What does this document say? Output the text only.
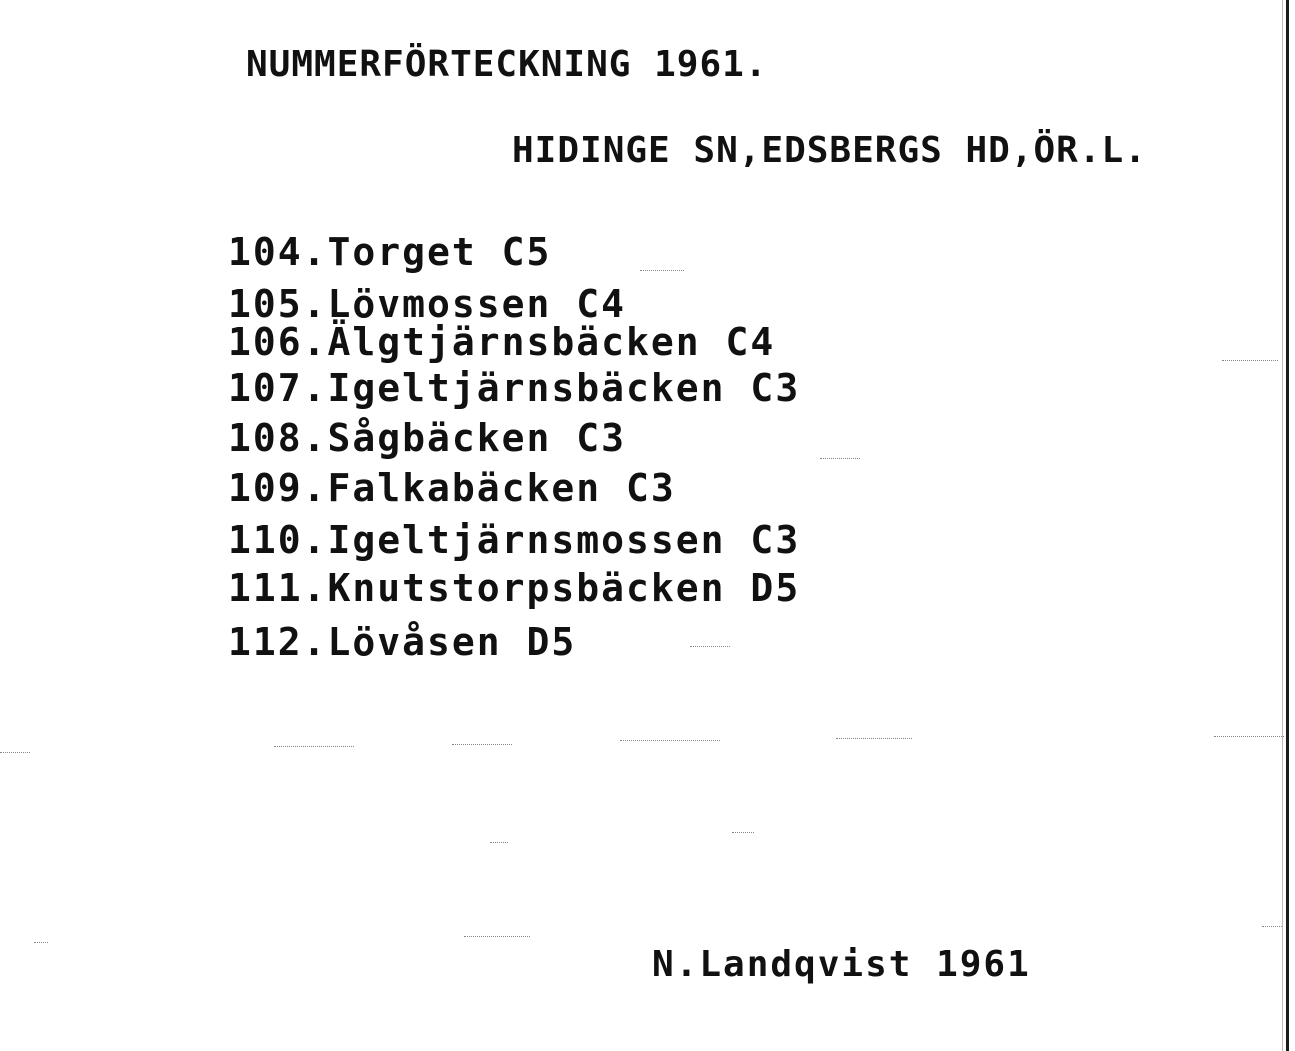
NUMMERFÖRTECKNING 1961.
HIDINGE SN,EDSBERGS HD,ÖR.L.
104.Torget C5
105.Lövmossen C4
106.Älgtjärnsbäcken C4
107.Igeltjärnsbäcken C3
108.Sågbäcken C3
109.Falkabäcken C3
110.Igeltjärnsmossen C3
111.Knutstorpsbäcken D5
112.Lövåsen D5
N.Landqvist 1961
